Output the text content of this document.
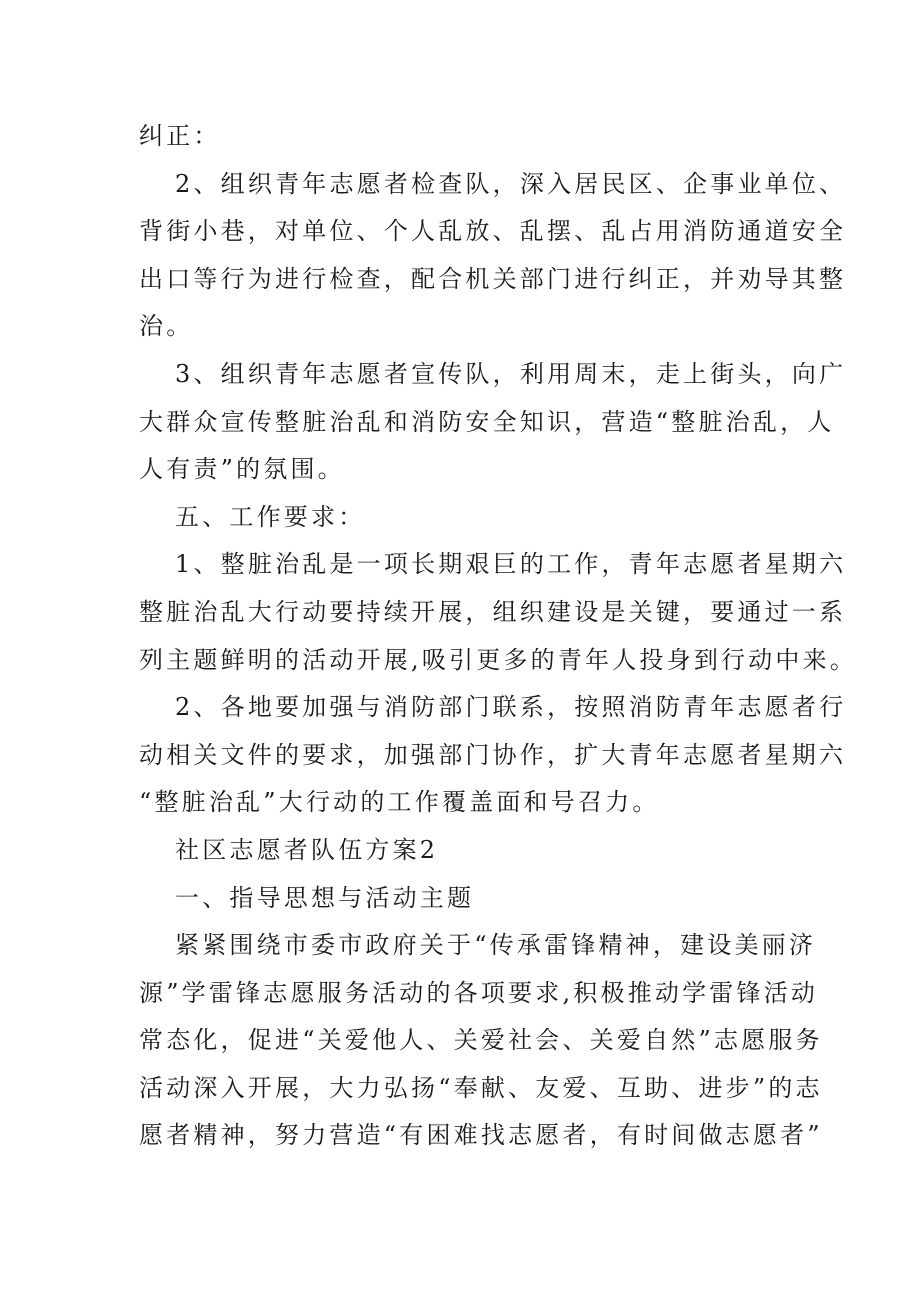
纠正：
2、组织青年志愿者检查队，深入居民区、企事业单位、
背街小巷，对单位、个人乱放、乱摆、乱占用消防通道安全
出口等行为进行检查，配合机关部门进行纠正，并劝导其整
治。
3、组织青年志愿者宣传队，利用周末，走上街头，向广
大群众宣传整脏治乱和消防安全知识，营造“整脏治乱，人
人有责”的氛围。
五、工作要求：
1、整脏治乱是一项长期艰巨的工作，青年志愿者星期六
整脏治乱大行动要持续开展，组织建设是关键，要通过一系
列主题鲜明的活动开展,吸引更多的青年人投身到行动中来。
2、各地要加强与消防部门联系，按照消防青年志愿者行
动相关文件的要求，加强部门协作，扩大青年志愿者星期六
“整脏治乱”大行动的工作覆盖面和号召力。
社区志愿者队伍方案2
一、指导思想与活动主题
紧紧围绕市委市政府关于“传承雷锋精神，建设美丽济
源”学雷锋志愿服务活动的各项要求,积极推动学雷锋活动
常态化，促进“关爱他人、关爱社会、关爱自然”志愿服务
活动深入开展，大力弘扬“奉献、友爱、互助、进步”的志
愿者精神，努力营造“有困难找志愿者，有时间做志愿者”
